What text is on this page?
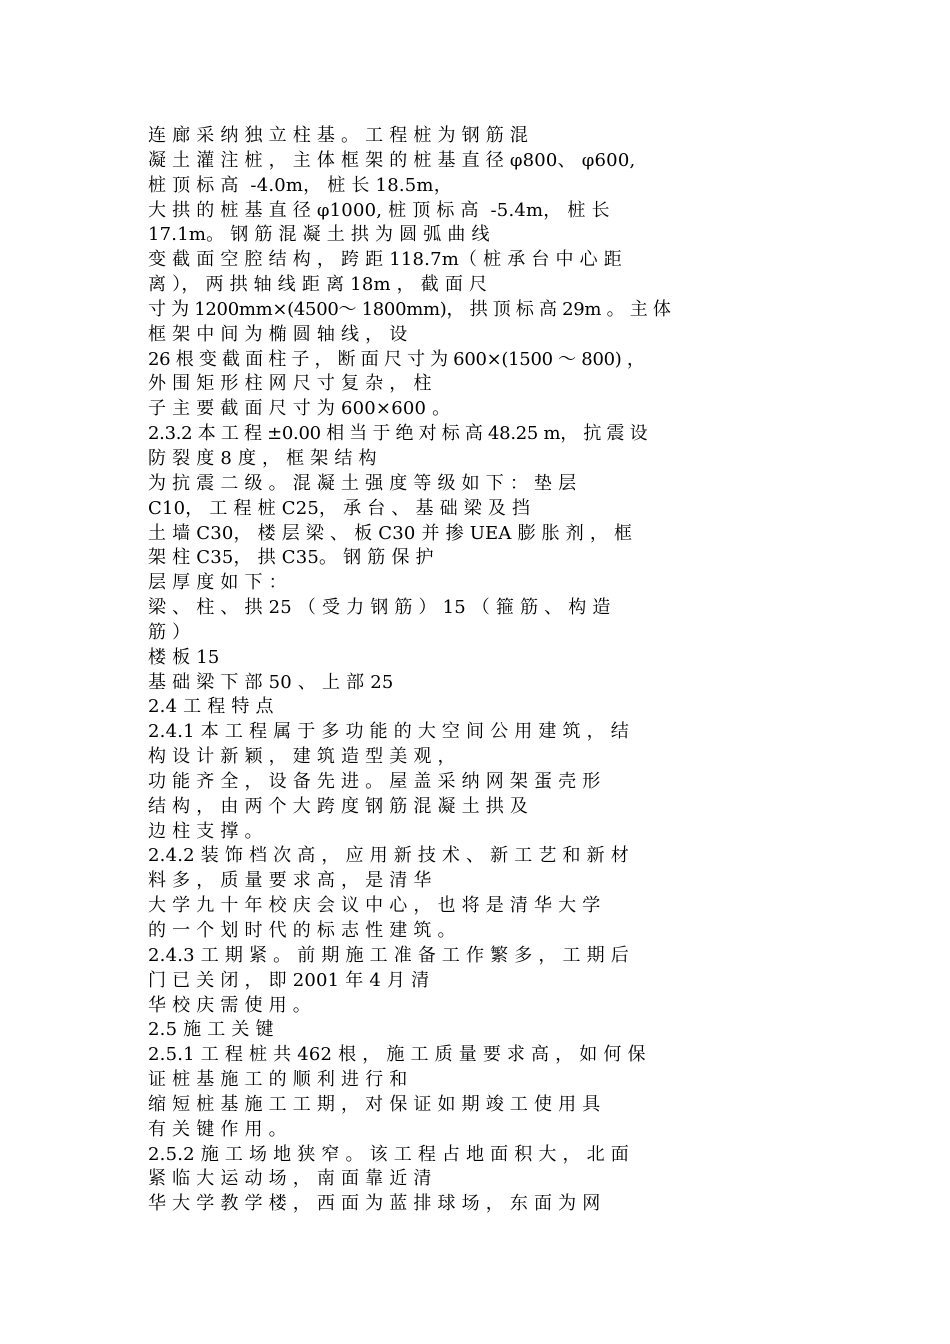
连 廊 采 纳 独 立 柱 基 。 工 程 桩 为 钢 筋 混
凝 土 灌 注 桩 ， 主 体 框 架 的 桩 基 直 径 φ800、 φ600,
桩 顶 标 高  -4.0m， 桩 长 18.5m，
大 拱 的 桩 基 直 径 φ1000, 桩 顶 标 高  -5.4m， 桩 长
17.1m。 钢 筋 混 凝 土 拱 为 圆 弧 曲 线
变 截 面 空 腔 结 构 ， 跨 距 118.7m（ 桩 承 台 中 心 距
离 ）， 两 拱 轴 线 距 离 18m ， 截 面 尺
寸 为 1200mm×(4500～ 1800mm)， 拱 顶 标 高 29m 。 主 体
框 架 中 间 为 椭 圆 轴 线 ， 设
26 根 变 截 面 柱 子 ， 断 面 尺 寸 为 600×(1500 ～ 800) ，
外 围 矩 形 柱 网 尺 寸 复 杂 ， 柱
子 主 要 截 面 尺 寸 为 600×600 。
2.3.2 本 工 程 ±0.00 相 当 于 绝 对 标 高 48.25 m， 抗 震 设
防 裂 度 8 度 ， 框 架 结 构
为 抗 震 二 级 。 混 凝 土 强 度 等 级 如 下 ： 垫 层
C10， 工 程 桩 C25， 承 台 、 基 础 梁 及 挡
土 墙 C30， 楼 层 梁 、 板 C30 并 掺 UEA 膨 胀 剂 ， 框
架 柱 C35， 拱 C35。 钢 筋 保 护
层 厚 度 如 下 ：
梁 、 柱 、 拱 25 （ 受 力 钢 筋 ） 15 （ 箍 筋 、 构 造
筋 ）
楼 板 15
基 础 梁 下 部 50 、 上 部 25
2.4 工 程 特 点
2.4.1 本 工 程 属 于 多 功 能 的 大 空 间 公 用 建 筑 ， 结
构 设 计 新 颖 ， 建 筑 造 型 美 观 ，
功 能 齐 全 ， 设 备 先 进 。 屋 盖 采 纳 网 架 蛋 壳 形
结 构 ， 由 两 个 大 跨 度 钢 筋 混 凝 土 拱 及
边 柱 支 撑 。
2.4.2 装 饰 档 次 高 ， 应 用 新 技 术 、 新 工 艺 和 新 材
料 多 ， 质 量 要 求 高 ， 是 清 华
大 学 九 十 年 校 庆 会 议 中 心 ， 也 将 是 清 华 大 学
的 一 个 划 时 代 的 标 志 性 建 筑 。
2.4.3 工 期 紧 。 前 期 施 工 准 备 工 作 繁 多 ， 工 期 后
门 已 关 闭 ， 即 2001 年 4 月 清
华 校 庆 需 使 用 。
2.5 施 工 关 键
2.5.1 工 程 桩 共 462 根 ， 施 工 质 量 要 求 高 ， 如 何 保
证 桩 基 施 工 的 顺 利 进 行 和
缩 短 桩 基 施 工 工 期 ， 对 保 证 如 期 竣 工 使 用 具
有 关 键 作 用 。
2.5.2 施 工 场 地 狭 窄 。 该 工 程 占 地 面 积 大 ， 北 面
紧 临 大 运 动 场 ， 南 面 靠 近 清
华 大 学 教 学 楼 ， 西 面 为 蓝 排 球 场 ， 东 面 为 网
